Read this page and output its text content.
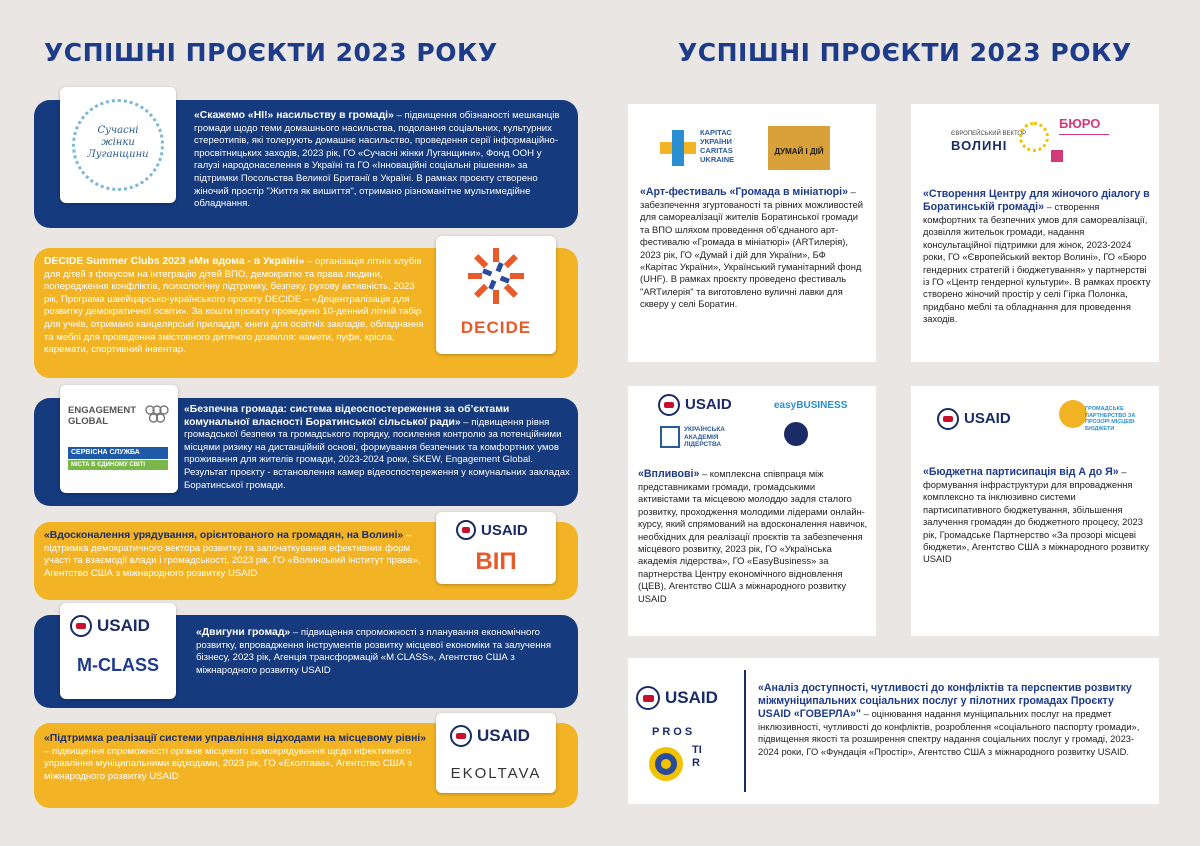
УСПІШНІ ПРОЄКТИ 2023 РОКУ	УСПІШНІ ПРОЄКТИ 2023 РОКУ
«Скажемо «НІ!» насильству в громаді» – підвищення обізнаності мешканців громади щодо теми домашнього насильства, подолання соціальних, культурних стереотипів, які толерують домашнє насильство, проведення серії інформаційно-просвітницьких заходів, 2023 рік, ГО «Сучасні жінки Луганщини», Фонд ООН у галузі народонаселення в Україні та ГО «Інноваційні соціальні рішення» за підтримки Посольства Великої Британії в Україні. В рамках проєкту створено жіночий простір "Життя як вишиття", отримано різноманітне мультимедійне обладнання.
Сучасні жінки Луганщини
DECIDE Summer Clubs 2023 «Ми вдома - в Україні» – організація літніх клубів для дітей з фокусом на інтеграцію дітей ВПО, демократію та права людини, попередження конфліктів, психологічну підтримку, безпеку, рухову активність, 2023 рік, Програма швейцарсько-українського проєкту DECIDE – «Децентралізація для розвитку демократичної освіти». За кошти проєкту проведено 10-денний літній табір для учнів, отримано канцелярські приладдя, книги для освітніх закладів, обладнання та меблі для проведення змістовного дитячого дозвілля: намети, пуфи, крісла, каремати, спортивний інвентар.
DECIDE
«Безпечна громада: система відеоспостереження за об’єктами комунальної власності Боратинської сільської ради» – підвищення рівня громадської безпеки та громадського порядку, посилення контролю за потенційними місцями ризику на дистанційній основі, формування безпечних та комфортних умов проживання для жителів громади, 2023-2024 роки, SKEW, Engagement Global. Результат проєкту - встановлення камер відеоспостереження у комунальних закладах Боратинської громади.
ENGAGEMENT
GLOBAL
СЕРВІСНА СЛУЖБА
МІСТА В ЄДИНОМУ СВІТІ
«Вдосконалення урядування, орієнтованого на громадян, на Волині» – підтримка демократичного вектора розвитку та започаткування ефективних форм участі та взаємодії влади і громадськості, 2023 рік, ГО «Волинський інститут права», Агентство США з міжнародного розвитку USAID
USAID
ВІП
«Двигуни громад» – підвищення спроможності з планування економічного розвитку, впровадження інструментів розвитку місцевої економіки та залучення бізнесу, 2023 рік, Агенція трансформацій «M.CLASS», Агентство США з міжнародного розвитку USAID
USAID
M-CLASS
«Підтримка реалізації системи управління відходами на місцевому рівні» – підвищення спроможності органів місцевого самоврядування щодо ефективного управління муніципальними відходами, 2023 рік, ГО «Еколтава», Агентство США з міжнародного розвитку USAID
USAID
EKOLTAVA
КАРІТАС УКРАЇНИ CARITAS UKRAINE
ДУМАЙ І ДІЙ
«Арт-фестиваль «Громада в мініатюрі» – забезпечення згуртованості та рівних можливостей для самореалізації жителів Боратинської громади та ВПО шляхом проведення об’єднаного арт-фестивалю «Громада в мініатюрі» (ARTилерія), 2023 рік, ГО «Думай і дій для України», БФ «Карітас України», Український гуманітарний фонд (UHF). В рамках проєкту проведено фестиваль "ARTилерія" та виготовлено вуличні лавки для скверу у селі Боратин.
ЄВРОПЕЙСЬКИЙ ВЕКТОР
ВОЛИНІ
БЮРО
«Створення Центру для жіночого діалогу в Боратинській громаді» – створення комфортних та безпечних умов для самореалізації, дозвілля жительок громади, надання консультаційної підтримки для жінок, 2023-2024 роки, ГО «Європейський вектор Волині», ГО «Бюро гендерних стратегій і бюджетування» у партнерстві із ГО «Центр гендерної культури». В рамках проєкту створено жіночий простір у селі Гірка Полонка, придбано меблі та обладнання для проведення заходів.
USAID	easyBUSINESS
УКРАЇНСЬКА АКАДЕМІЯ ЛІДЕРСТВА
«Впливові» – комплексна співпраця між представниками громади, громадськими активістами та місцевою молоддю задля сталого розвитку, проходження молодими лідерами онлайн-курсу, який спрямований на вдосконалення навичок, необхідних для реалізації проєктів та забезпечення місцевого розвитку, 2023 рік, ГО «Українська академія лідерства», ГО «EasyBusiness» за партнерства Центру економічного відновлення (ЦЕВ), Агентство США з міжнародного розвитку USAID
USAID
ГРОМАДСЬКЕ ПАРТНЕРСТВО ЗА ПРОЗОРІ МІСЦЕВІ БЮДЖЕТИ
«Бюджетна партисипація від А до Я» – формування інфраструктури для впровадження комплексно та інклюзивно системи партисипативного бюджетування, збільшення залучення громадян до бюджетного процесу, 2023 рік, Громадське Партнерство «За прозорі місцеві бюджети», Агентство США з міжнародного розвитку USAID
USAID
PROS
TIR
«Аналіз доступності, чутливості до конфліктів та перспектив розвитку міжмуніципальних соціальних послуг у пілотних громадах Проєкту USAID «ГОВЕРЛА»" – оцінювання надання муніципальних послуг на предмет інклюзивності, чутливості до конфліктів, розроблення «соціального паспорту громади», підвищення якості та розширення спектру надання соціальних послуг у громаді, 2023-2024 роки, ГО «Фундація «Простір», Агентство США з міжнародного розвитку USAID.
